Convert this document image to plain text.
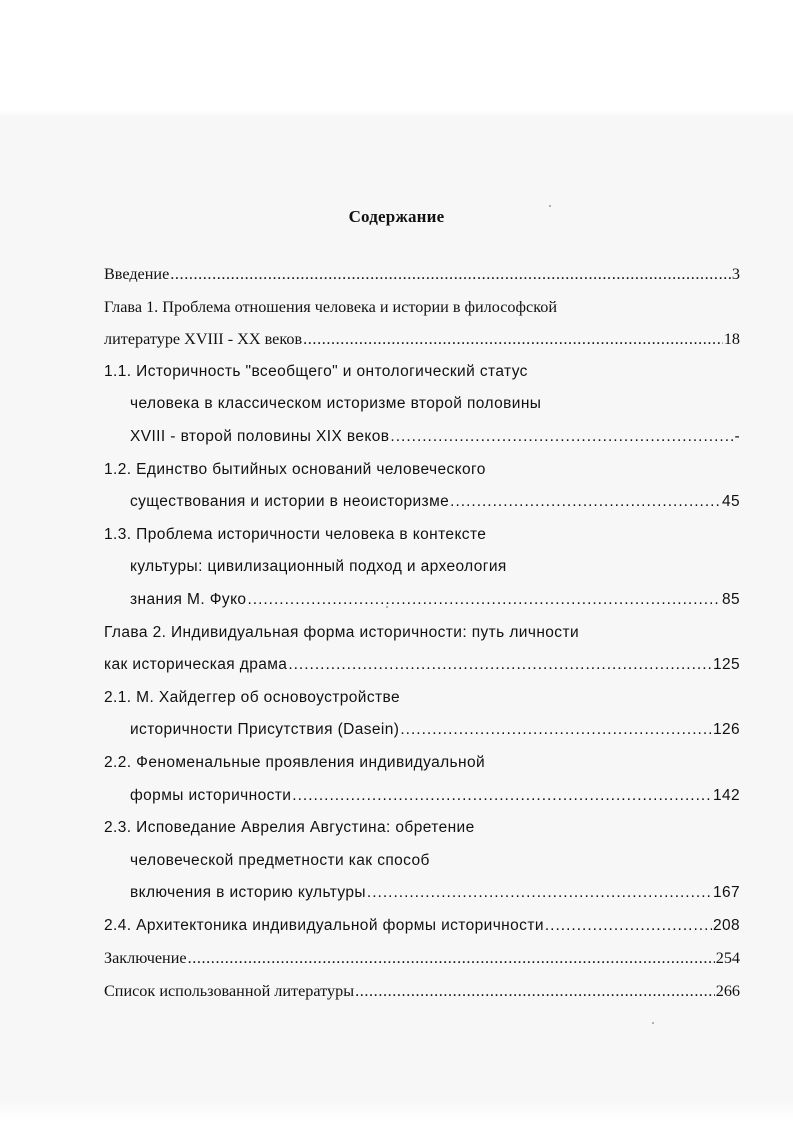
Содержание
Введение .....	3
Глава 1. Проблема отношения человека и истории в философской
литературе XVIII - XX веков .....	18
1.1. Историчность "всеобщего" и онтологический статус
человека в классическом историзме второй половины
XVIII - второй половины XIX веков .....	-
1.2. Единство бытийных оснований человеческого
существования и истории в неоисторизме .....	45
1.3. Проблема историчности человека в контексте
культуры: цивилизационный подход и археология
знания М. Фуко .....	85
Глава 2. Индивидуальная форма историчности: путь личности
как историческая драма .....	125
2.1. М. Хайдеггер об основоустройстве
историчности Присутствия (Dasein) .....	126
2.2. Феноменальные проявления индивидуальной
формы историчности .....	142
2.3. Исповедание Аврелия Августина: обретение
человеческой предметности как способ
включения в историю культуры .....	167
2.4. Архитектоника индивидуальной формы историчности .....	208
Заключение .....	254
Список использованной литературы .....	266
